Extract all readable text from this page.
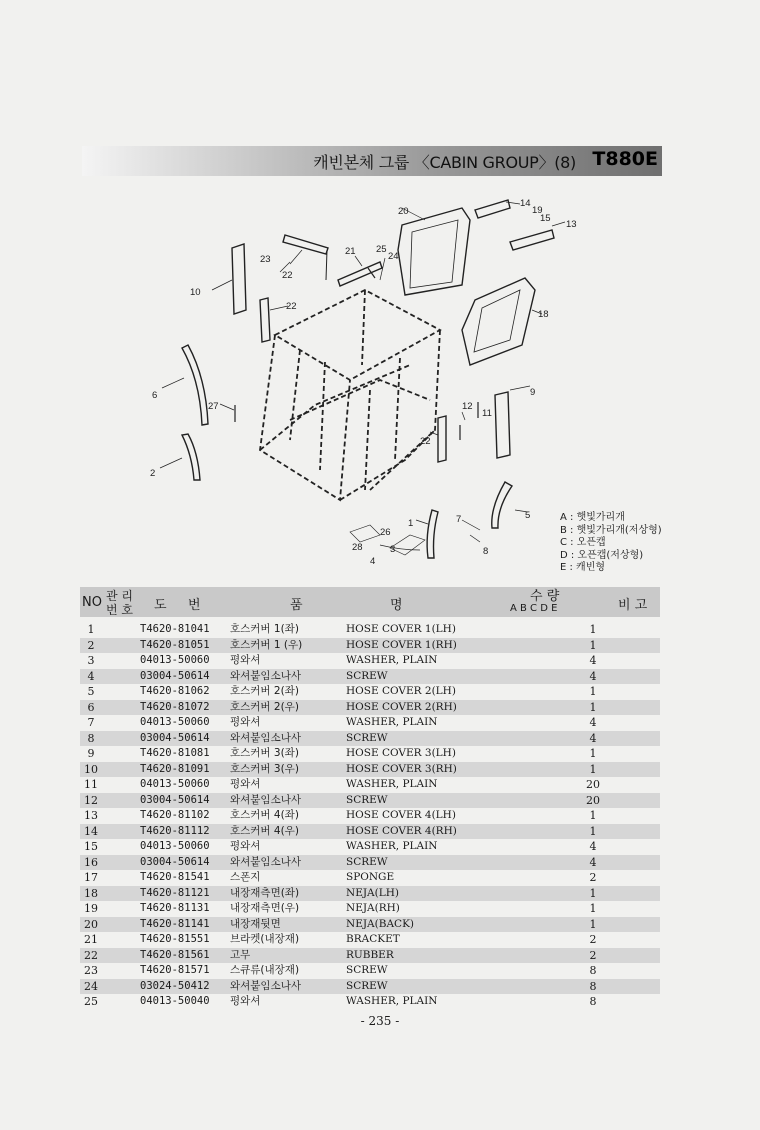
캐빈본체 그룹 〈CABIN GROUP〉(8) T880E
20
14
19
15
13
21 25
24
23
22
10
22
18
6
27
9
12
11
22
2
5
7
1
26
8
28	3
4
A : 햇빛가리개
B : 햇빛가리개(저상형)
C : 오픈캡
D : 오픈캡(저상형)
E : 캐빈형
NO 관 리
번 호 도 번	품	명
수 량
A B C D E	비 고
1	T4620-81041 호스커버 1(좌)	HOSE COVER 1(LH)	1
2	T4620-81051 호스커버 1 (우)	HOSE COVER 1(RH)	1
3	04013-50060 평와셔	WASHER, PLAIN	4
4	03004-50614 와셔붙임소나사	SCREW	4
5	T4620-81062 호스커버 2(좌)	HOSE COVER 2(LH)	1
6	T4620-81072 호스커버 2(우)	HOSE COVER 2(RH)	1
7	04013-50060 평와셔	WASHER, PLAIN	4
8	03004-50614 와셔붙임소나사	SCREW	4
9	T4620-81081 호스커버 3(좌)	HOSE COVER 3(LH)	1
10	T4620-81091 호스커버 3(우)	HOSE COVER 3(RH)	1
11	04013-50060 평와셔	WASHER, PLAIN	20
12	03004-50614 와셔붙임소나사	SCREW	20
13	T4620-81102 호스커버 4(좌)	HOSE COVER 4(LH)	1
14	T4620-81112 호스커버 4(우)	HOSE COVER 4(RH)	1
15	04013-50060 평와셔	WASHER, PLAIN	4
16	03004-50614 와셔붙임소나사	SCREW	4
17	T4620-81541 스폰지	SPONGE	2
18	T4620-81121 내장재측면(좌)	NEJA(LH)	1
19	T4620-81131 내장재측면(우)	NEJA(RH)	1
20	T4620-81141 내장재뒷면	NEJA(BACK)	1
21	T4620-81551 브라켓(내장재)	BRACKET	2
22	T4620-81561 고무	RUBBER	2
23	T4620-81571 스큐류(내장재)	SCREW	8
24	03024-50412 와셔붙임소나사	SCREW	8
25	04013-50040 평와셔	WASHER, PLAIN	8
- 235 -
